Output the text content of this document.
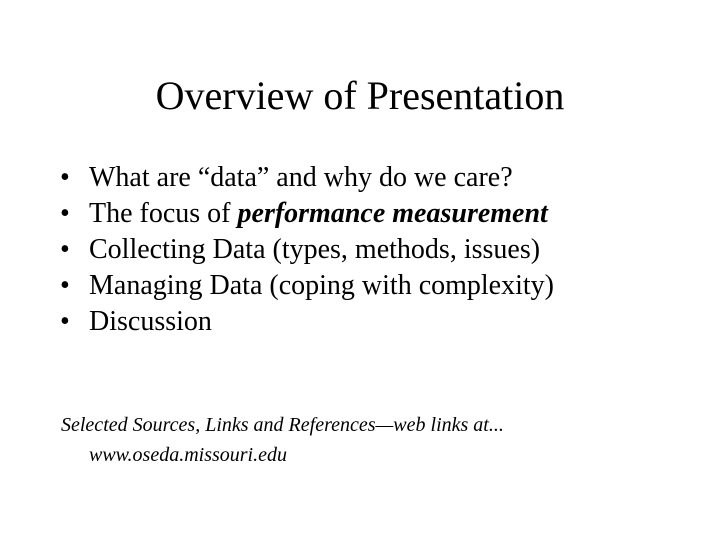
Overview of Presentation
• What are “data” and why do we care?
• The focus of performance measurement
• Collecting Data (types, methods, issues)
• Managing Data (coping with complexity)
• Discussion
Selected Sources, Links and References—web links at...
www.oseda.missouri.edu
